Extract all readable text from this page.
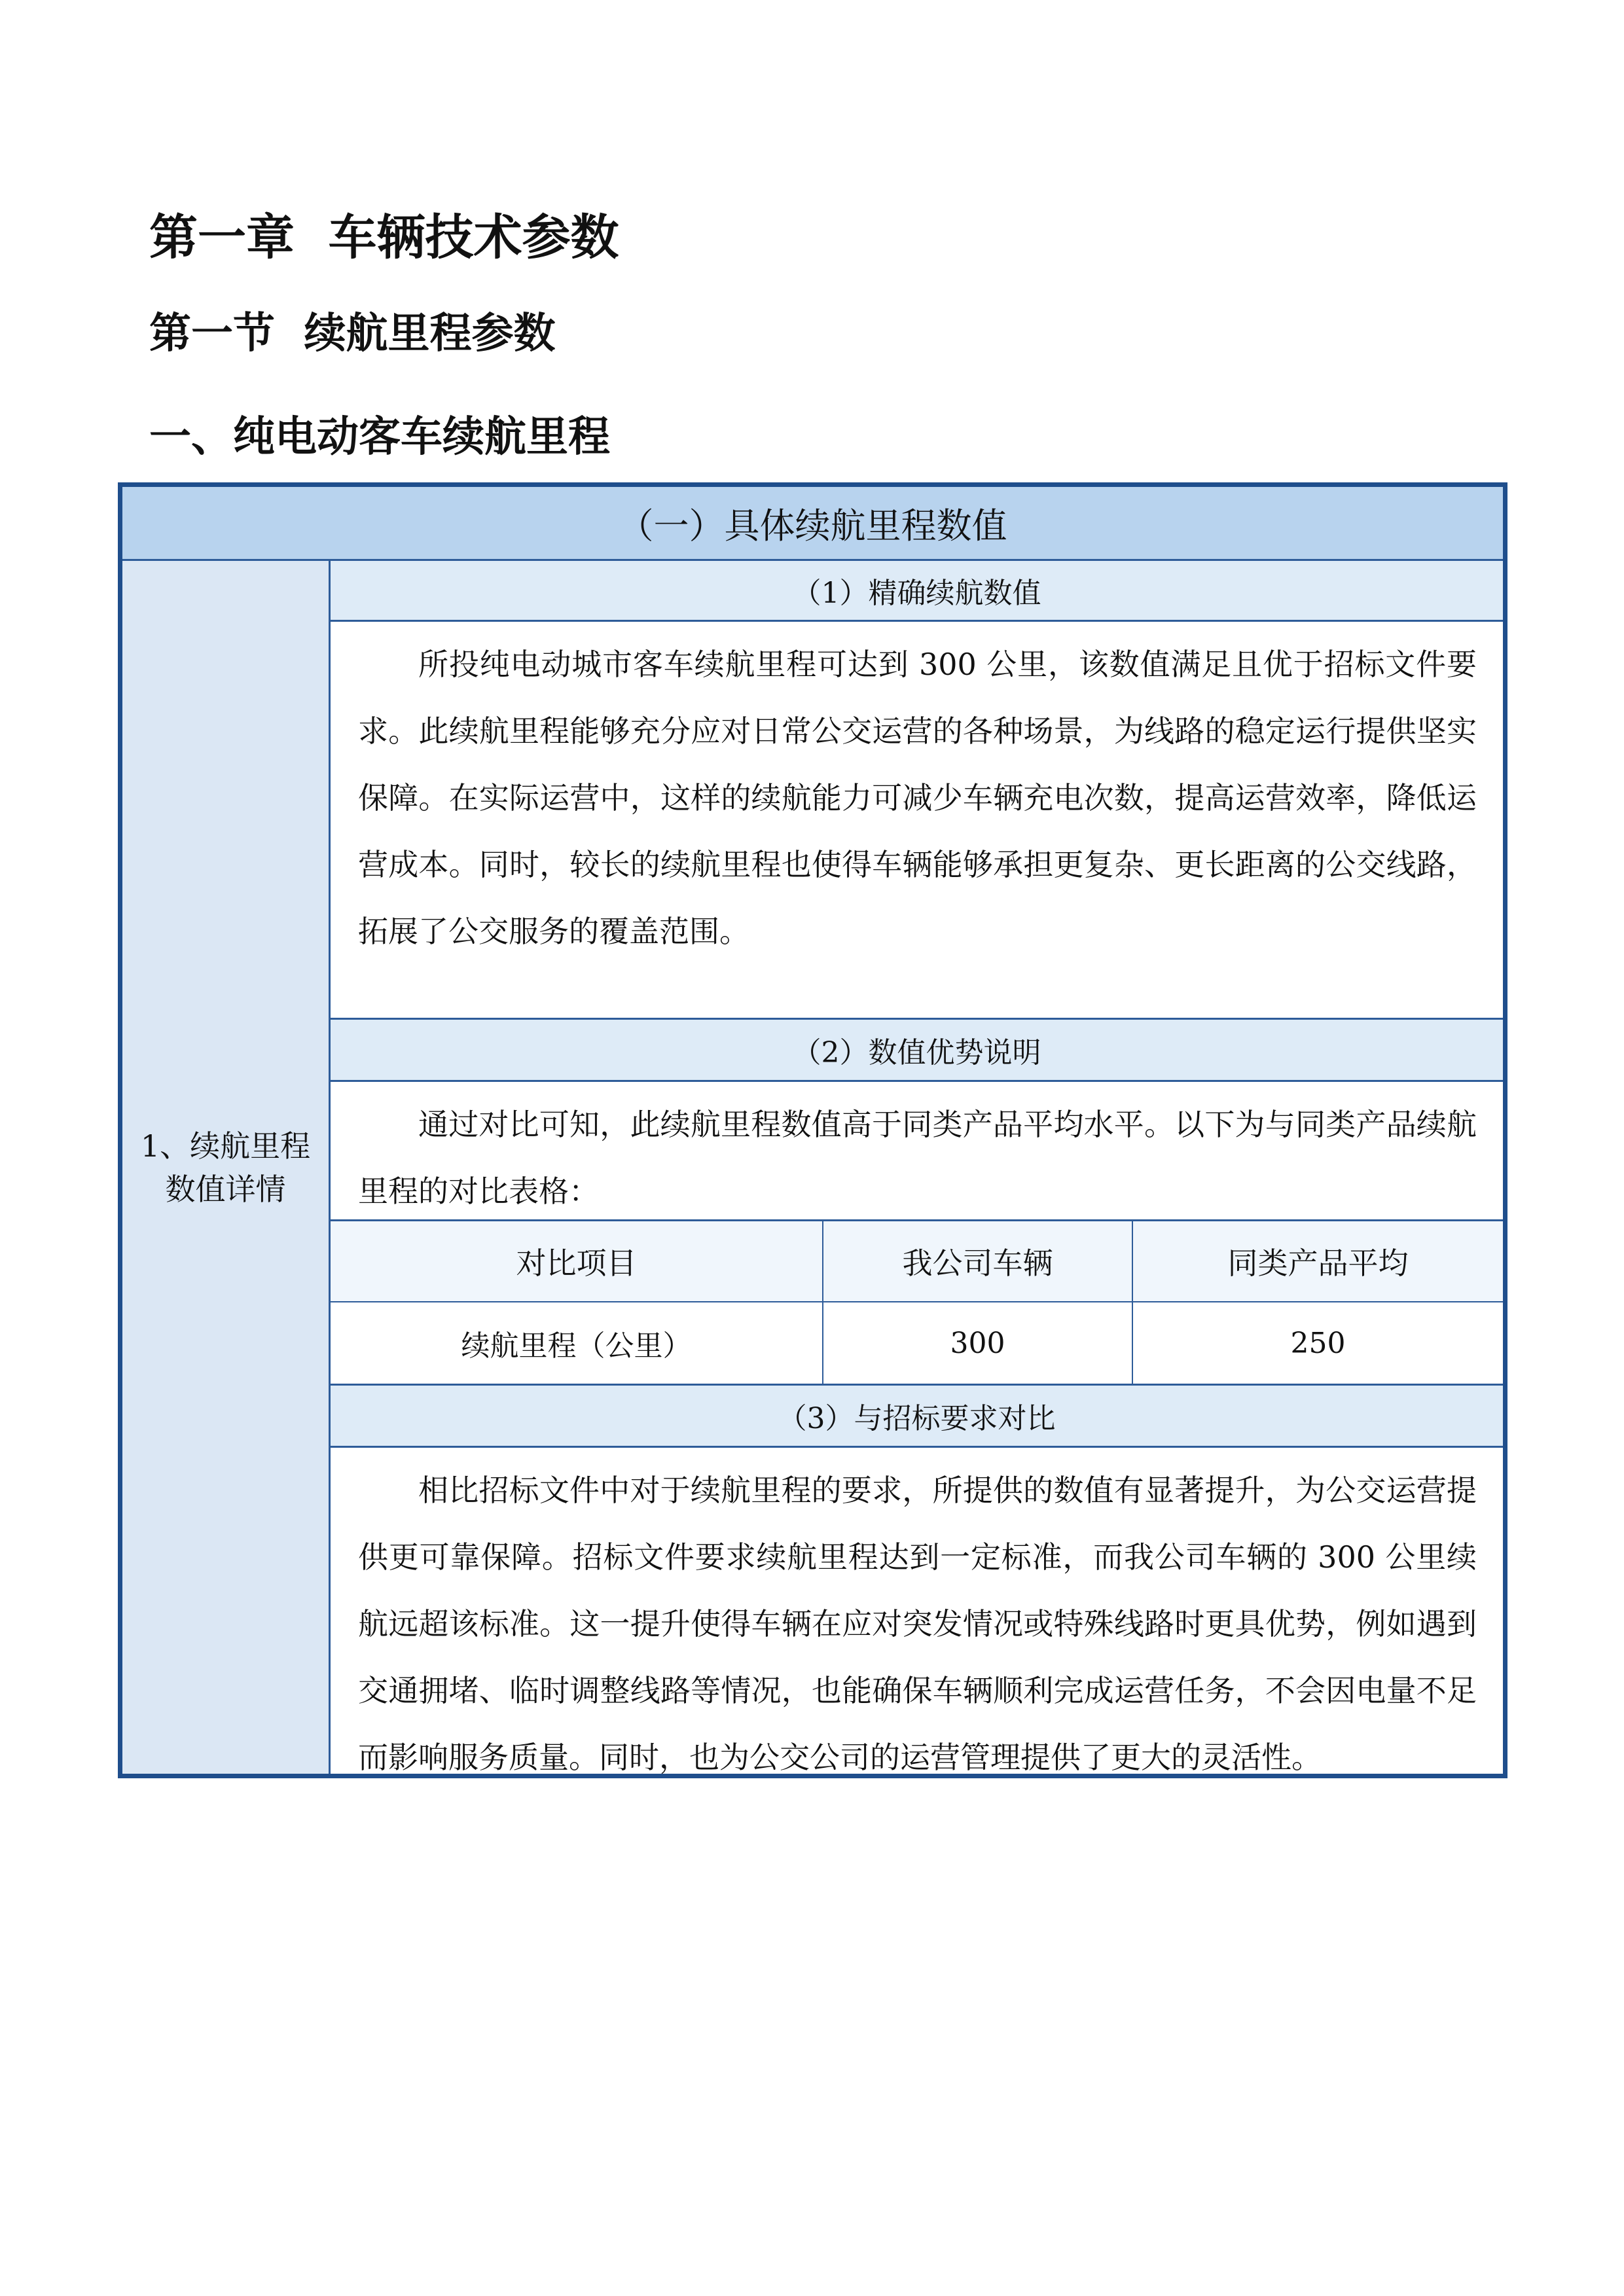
第一章  车辆技术参数
第一节  续航里程参数
一、纯电动客车续航里程
（一）具体续航里程数值
1、续航里程数值详情
（1）精确续航数值

所投纯电动城市客车续航里程可达到 300 公里，该数值满足且优于招标文件要求。此续航里程能够充分应对日常公交运营的各种场景，为线路的稳定运行提供坚实保障。在实际运营中，这样的续航能力可减少车辆充电次数，提高运营效率，降低运营成本。同时，较长的续航里程也使得车辆能够承担更复杂、更长距离的公交线路，拓展了公交服务的覆盖范围。

（2）数值优势说明

通过对比可知，此续航里程数值高于同类产品平均水平。以下为与同类产品续航里程的对比表格：

对比项目	我公司车辆	同类产品平均
续航里程（公里）	300	250
（3）与招标要求对比

相比招标文件中对于续航里程的要求，所提供的数值有显著提升，为公交运营提供更可靠保障。招标文件要求续航里程达到一定标准，而我公司车辆的 300 公里续航远超该标准。这一提升使得车辆在应对突发情况或特殊线路时更具优势，例如遇到交通拥堵、临时调整线路等情况，也能确保车辆顺利完成运营任务，不会因电量不足而影响服务质量。同时，也为公交公司的运营管理提供了更大的灵活性。
